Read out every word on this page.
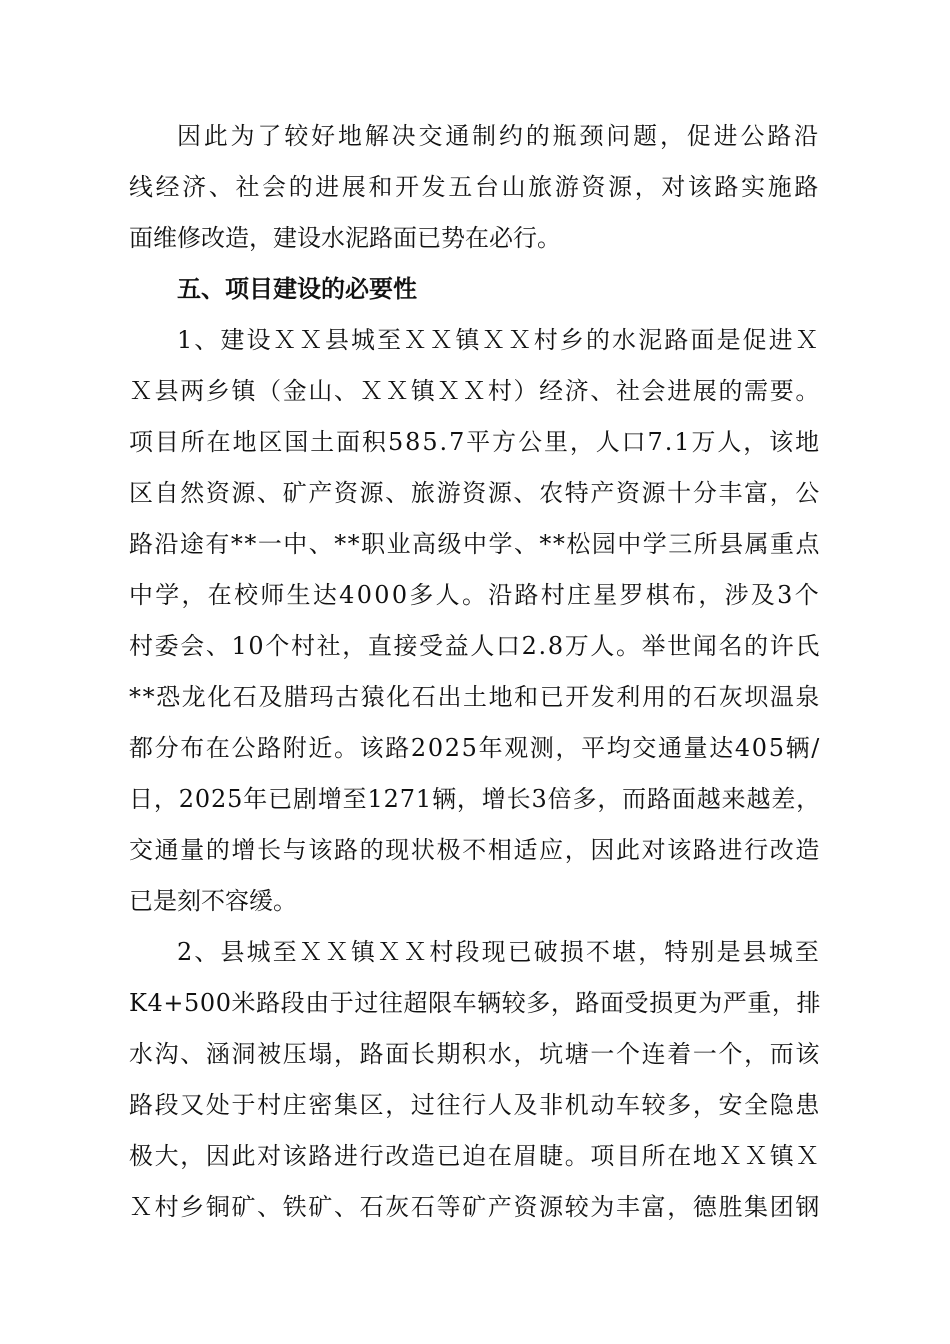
因此为了较好地解决交通制约的瓶颈问题，促进公路沿
线经济、社会的进展和开发五台山旅游资源，对该路实施路
面维修改造，建设水泥路面已势在必行。
五、项目建设的必要性
1、建设ＸＸ县城至ＸＸ镇ＸＸ村乡的水泥路面是促进Ｘ
Ｘ县两乡镇（金山、ＸＸ镇ＸＸ村）经济、社会进展的需要。
项目所在地区国土面积585.7平方公里，人口7.1万人，该地
区自然资源、矿产资源、旅游资源、农特产资源十分丰富，公
路沿途有**一中、**职业高级中学、**松园中学三所县属重点
中学，在校师生达4000多人。沿路村庄星罗棋布，涉及3个
村委会、10个村社，直接受益人口2.8万人。举世闻名的许氏
**恐龙化石及腊玛古猿化石出土地和已开发利用的石灰坝温泉
都分布在公路附近。该路2025年观测，平均交通量达405辆/
日，2025年已剧增至1271辆，增长3倍多，而路面越来越差，
交通量的增长与该路的现状极不相适应，因此对该路进行改造
已是刻不容缓。
2、县城至ＸＸ镇ＸＸ村段现已破损不堪，特别是县城至
K4+500米路段由于过往超限车辆较多，路面受损更为严重，排
水沟、涵洞被压塌，路面长期积水，坑塘一个连着一个，而该
路段又处于村庄密集区，过往行人及非机动车较多，安全隐患
极大，因此对该路进行改造已迫在眉睫。项目所在地ＸＸ镇Ｘ
Ｘ村乡铜矿、铁矿、石灰石等矿产资源较为丰富，德胜集团钢
